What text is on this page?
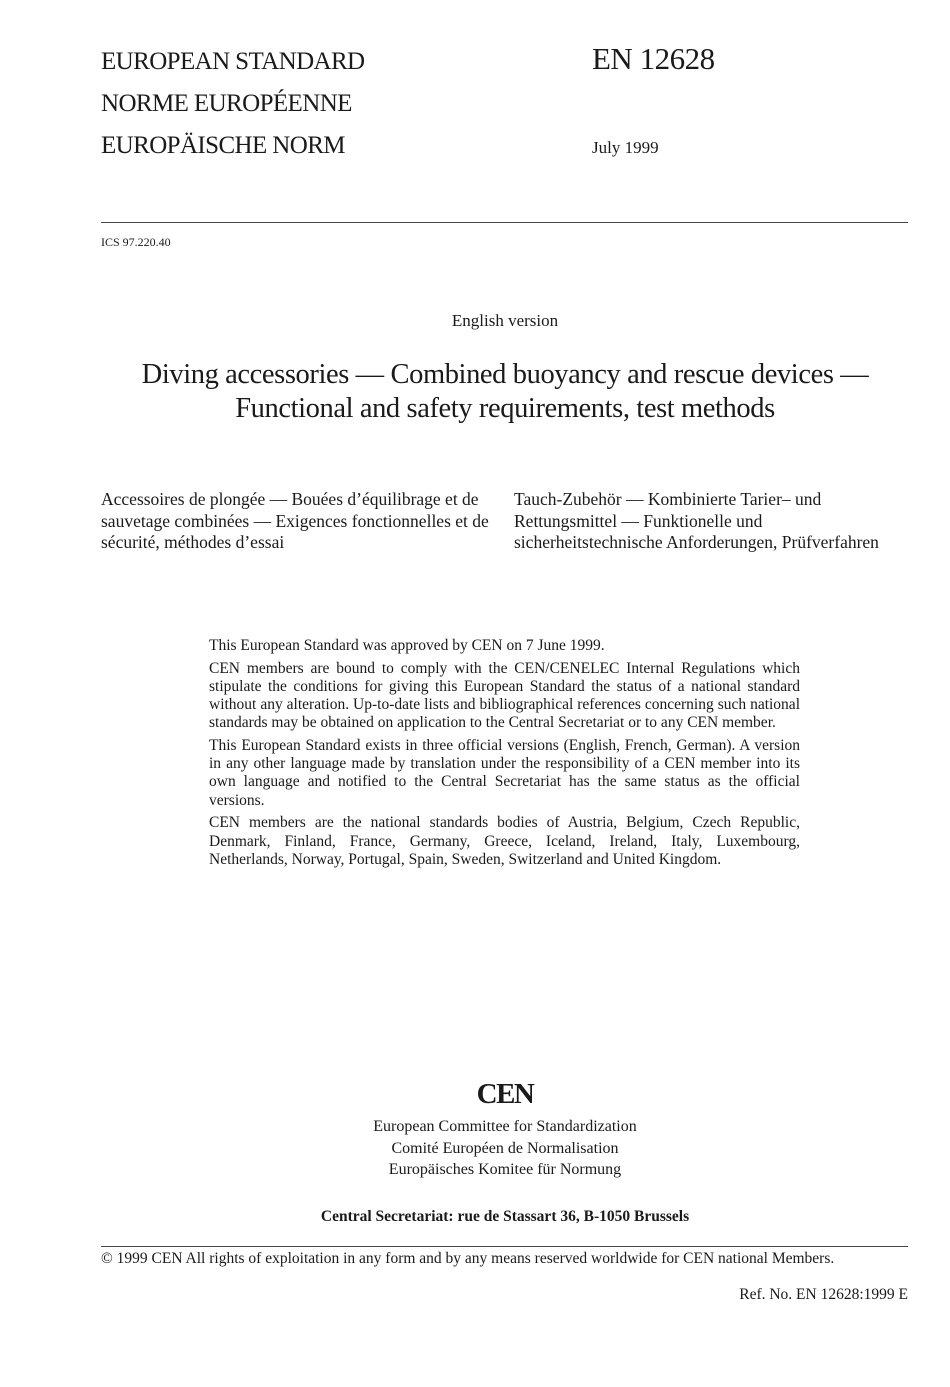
EUROPEAN STANDARD
NORME EUROPÉENNE
EUROPÄISCHE NORM
EN 12628
July 1999
ICS 97.220.40
English version
Diving accessories — Combined buoyancy and rescue devices —
Functional and safety requirements, test methods
Accessoires de plongée — Bouées d’équilibrage et de sauvetage combinées — Exigences fonctionnelles et de sécurité, méthodes d’essai
Tauch-Zubehör — Kombinierte Tarier– und Rettungsmittel — Funktionelle und sicherheitstechnische Anforderungen, Prüfverfahren

This European Standard was approved by CEN on 7 June 1999.

CEN members are bound to comply with the CEN/CENELEC Internal Regulations which stipulate the conditions for giving this European Standard the status of a national standard without any alteration. Up-to-date lists and bibliographical references concerning such national standards may be obtained on application to the Central Secretariat or to any CEN member.

This European Standard exists in three official versions (English, French, German). A version in any other language made by translation under the responsibility of a CEN member into its own language and notified to the Central Secretariat has the same status as the official versions.

CEN members are the national standards bodies of Austria, Belgium, Czech Republic, Denmark, Finland, France, Germany, Greece, Iceland, Ireland, Italy, Luxembourg, Netherlands, Norway, Portugal, Spain, Sweden, Switzerland and United Kingdom.

CEN
European Committee for Standardization
Comité Européen de Normalisation
Europäisches Komitee für Normung
Central Secretariat: rue de Stassart 36, B-1050 Brussels
© 1999 CEN All rights of exploitation in any form and by any means reserved worldwide for CEN national Members.
Ref. No. EN 12628:1999 E
